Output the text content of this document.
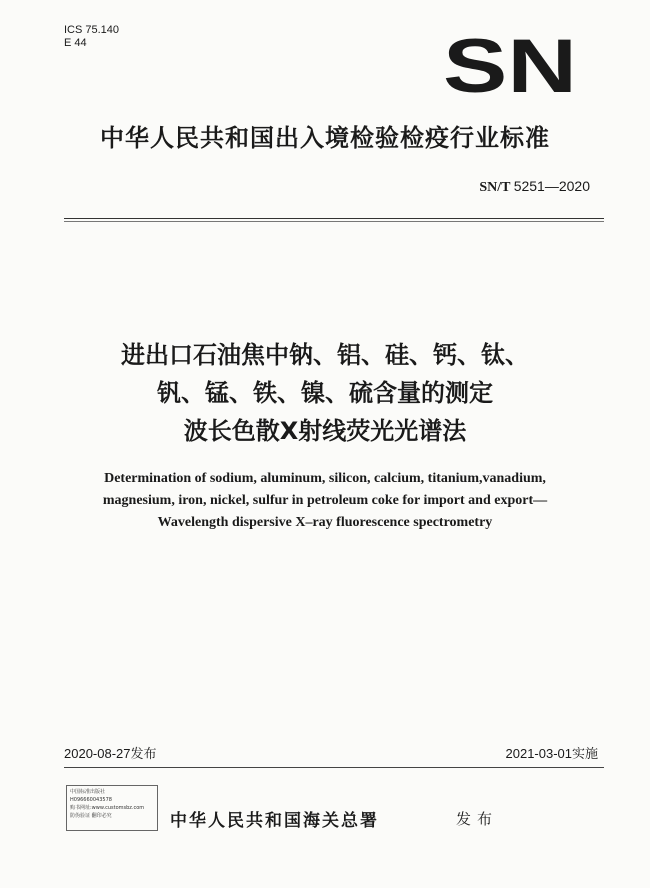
ICS 75.140
E 44	SN
中华人民共和国出入境检验检疫行业标准
SN/T 5251—2020
进出口石油焦中钠、铝、硅、钙、钛、
钒、锰、铁、镍、硫含量的测定
波长色散X射线荧光光谱法
Determination of sodium, aluminum, silicon, calcium, titanium,vanadium,
magnesium, iron, nickel, sulfur in petroleum coke for import and export—
Wavelength dispersive X–ray fluorescence spectrometry
2020-08-27发布	2021-03-01实施
中国标准出版社
H096660043578
购书网址:www.customsbz.com
防伪验证 翻印必究	中华人民共和国海关总署	发布
